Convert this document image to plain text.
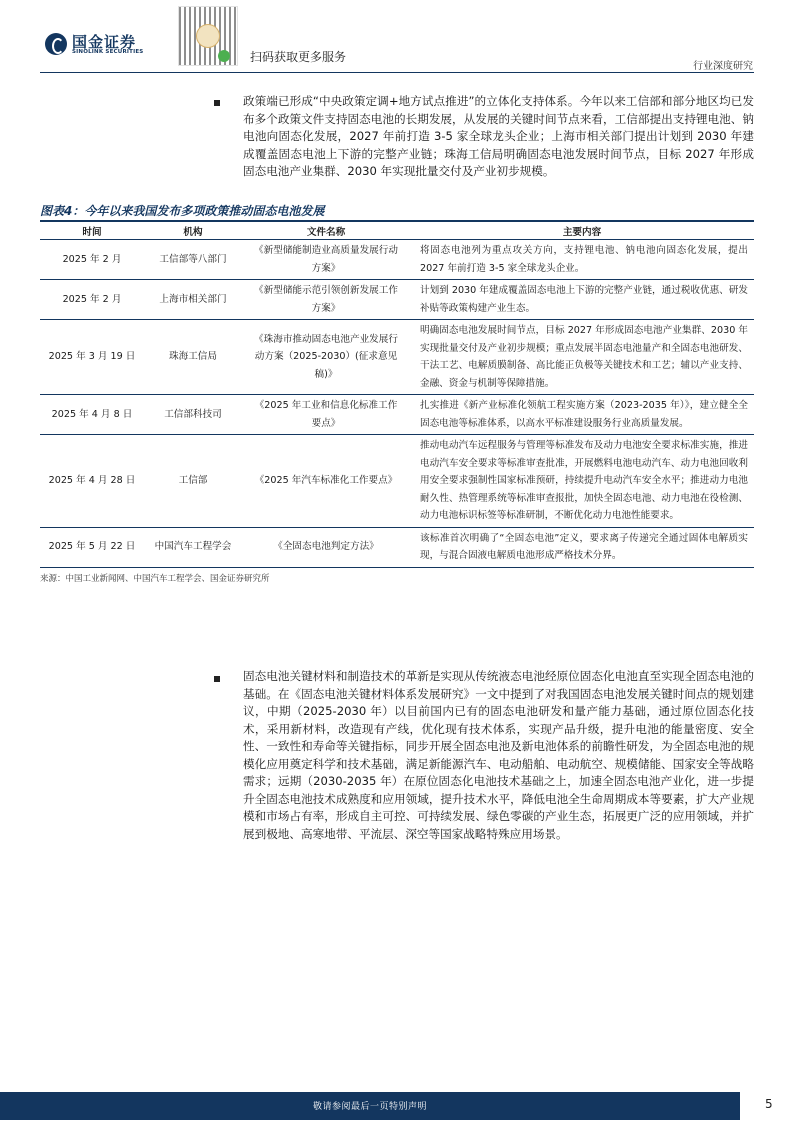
国金证券
SINOLINK SECURITIES	扫码获取更多服务
行业深度研究
政策端已形成“中央政策定调+地方试点推进”的立体化支持体系。今年以来工信部和部分地区均已发布多个政策文件支持固态电池的长期发展，从发展的关键时间节点来看，工信部提出支持锂电池、钠电池向固态化发展，2027 年前打造 3-5 家全球龙头企业；上海市相关部门提出计划到 2030 年建成覆盖固态电池上下游的完整产业链；珠海工信局明确固态电池发展时间节点，目标 2027 年形成固态电池产业集群、2030 年实现批量交付及产业初步规模。
图表4：今年以来我国发布多项政策推动固态电池发展
时间	机构	文件名称	主要内容
2025 年 2 月	工信部等八部门	《新型储能制造业高质量发展行动方案》	将固态电池列为重点攻关方向，支持锂电池、钠电池向固态化发展，提出 2027 年前打造 3-5 家全球龙头企业。
2025 年 2 月	上海市相关部门	《新型储能示范引领创新发展工作方案》	计划到 2030 年建成覆盖固态电池上下游的完整产业链，通过税收优惠、研发补贴等政策构建产业生态。
2025 年 3 月 19 日	珠海工信局	《珠海市推动固态电池产业发展行动方案（2025-2030）(征求意见稿)》	明确固态电池发展时间节点，目标 2027 年形成固态电池产业集群、2030 年实现批量交付及产业初步规模；重点发展半固态电池量产和全固态电池研发、干法工艺、电解质膜制备、高比能正负极等关键技术和工艺；辅以产业支持、金融、资金与机制等保障措施。
2025 年 4 月 8 日	工信部科技司	《2025 年工业和信息化标准工作要点》	扎实推进《新产业标准化领航工程实施方案（2023-2035 年）》，建立健全全固态电池等标准体系，以高水平标准建设服务行业高质量发展。
2025 年 4 月 28 日	工信部	《2025 年汽车标准化工作要点》	推动电动汽车远程服务与管理等标准发布及动力电池安全要求标准实施，推进电动汽车安全要求等标准审查批准，开展燃料电池电动汽车、动力电池回收利用安全要求强制性国家标准预研，持续提升电动汽车安全水平；推进动力电池耐久性、热管理系统等标准审查报批，加快全固态电池、动力电池在役检测、动力电池标识标签等标准研制，不断优化动力电池性能要求。
2025 年 5 月 22 日	中国汽车工程学会	《全固态电池判定方法》	该标准首次明确了“全固态电池”定义，要求离子传递完全通过固体电解质实现，与混合固液电解质电池形成严格技术分界。
来源：中国工业新闻网、中国汽车工程学会、国金证券研究所
固态电池关键材料和制造技术的革新是实现从传统液态电池经原位固态化电池直至实现全固态电池的基础。在《固态电池关键材料体系发展研究》一文中提到了对我国固态电池发展关键时间点的规划建议，中期（2025-2030 年）以目前国内已有的固态电池研发和量产能力基础，通过原位固态化技术，采用新材料，改造现有产线，优化现有技术体系，实现产品升级，提升电池的能量密度、安全性、一致性和寿命等关键指标，同步开展全固态电池及新电池体系的前瞻性研发，为全固态电池的规模化应用奠定科学和技术基础，满足新能源汽车、电动船舶、电动航空、规模储能、国家安全等战略需求；远期（2030-2035 年）在原位固态化电池技术基础之上，加速全固态电池产业化，进一步提升全固态电池技术成熟度和应用领域，提升技术水平，降低电池全生命周期成本等要素，扩大产业规模和市场占有率，形成自主可控、可持续发展、绿色零碳的产业生态，拓展更广泛的应用领域，并扩展到极地、高寒地带、平流层、深空等国家战略特殊应用场景。
敬请参阅最后一页特别声明	5
